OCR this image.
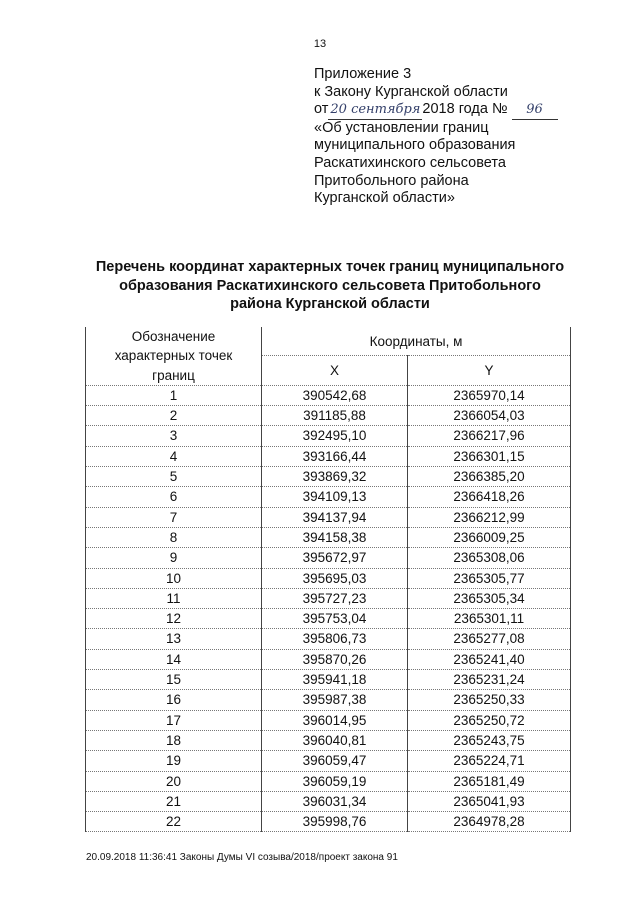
13
Приложение 3
к Закону Курганской области
от 20 сентября 2018 года № 96
«Об установлении границ
муниципального образования
Раскатихинского сельсовета
Притобольного района
Курганской области»
Перечень координат характерных точек границ муниципального
образования Раскатихинского сельсовета Притобольного
района Курганской области
Обозначение
характерных точек
границ	Координаты, м	
	X	Y
1	390542,68	2365970,14
2	391185,88	2366054,03
3	392495,10	2366217,96
4	393166,44	2366301,15
5	393869,32	2366385,20
6	394109,13	2366418,26
7	394137,94	2366212,99
8	394158,38	2366009,25
9	395672,97	2365308,06
10	395695,03	2365305,77
11	395727,23	2365305,34
12	395753,04	2365301,11
13	395806,73	2365277,08
14	395870,26	2365241,40
15	395941,18	2365231,24
16	395987,38	2365250,33
17	396014,95	2365250,72
18	396040,81	2365243,75
19	396059,47	2365224,71
20	396059,19	2365181,49
21	396031,34	2365041,93
22	395998,76	2364978,28
20.09.2018 11:36:41 Законы Думы VI созыва/2018/проект закона 91
